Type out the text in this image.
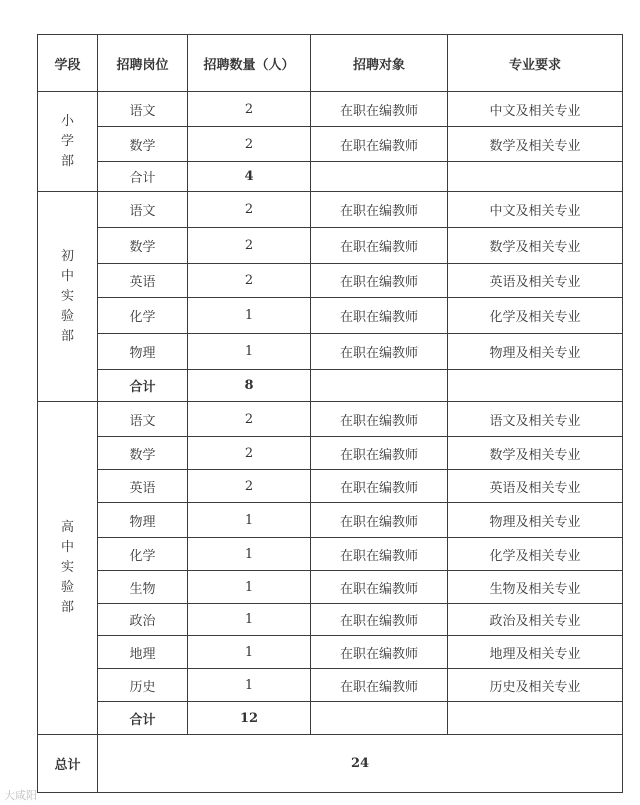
学段	招聘岗位	招聘数量（人）	招聘对象	专业要求
小学部	语文	2	在职在编教师	中文及相关专业
	数学	2	在职在编教师	数学及相关专业
	合计	4		
初中实验部	语文	2	在职在编教师	中文及相关专业
	数学	2	在职在编教师	数学及相关专业
	英语	2	在职在编教师	英语及相关专业
	化学	1	在职在编教师	化学及相关专业
	物理	1	在职在编教师	物理及相关专业
	合计	8		
高中实验部	语文	2	在职在编教师	语文及相关专业
	数学	2	在职在编教师	数学及相关专业
	英语	2	在职在编教师	英语及相关专业
	物理	1	在职在编教师	物理及相关专业
	化学	1	在职在编教师	化学及相关专业
	生物	1	在职在编教师	生物及相关专业
	政治	1	在职在编教师	政治及相关专业
	地理	1	在职在编教师	地理及相关专业
	历史	1	在职在编教师	历史及相关专业
	合计	12		
总计	24			
大咸阳
